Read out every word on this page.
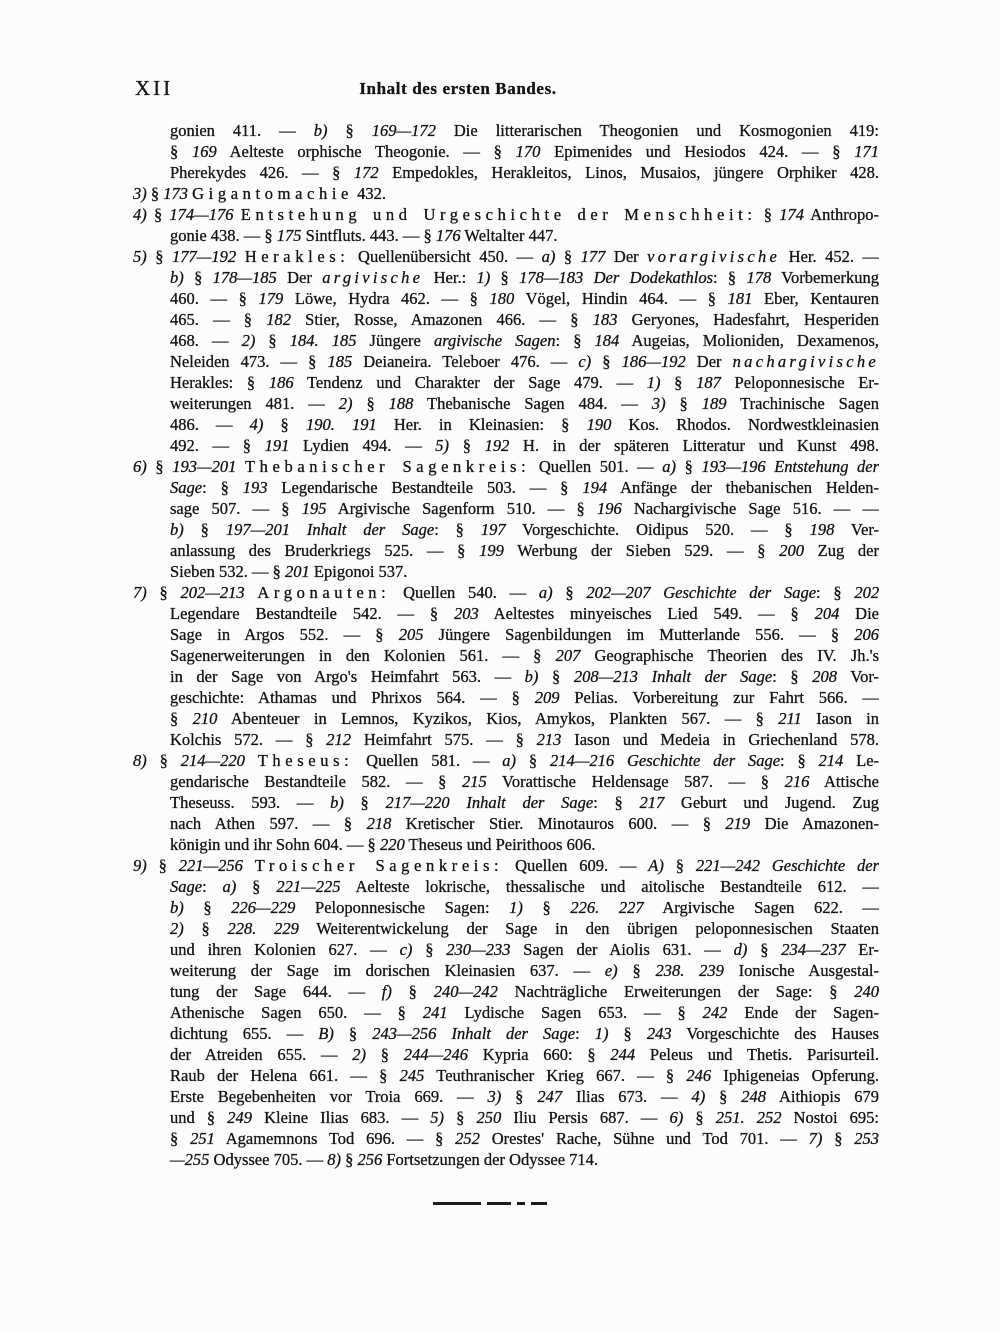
XII	Inhalt des ersten Bandes.
gonien 411. — b) § 169—172 Die litterarischen Theogonien und Kosmogonien 419:
§ 169 Aelteste orphische Theogonie. — § 170 Epimenides und Hesiodos 424. — § 171
Pherekydes 426. — § 172 Empedokles, Herakleitos, Linos, Musaios, jüngere Orphiker 428.
3) § 173 Gigantomachie 432.
4) § 174—176 Entstehung und Urgeschichte der Menschheit: § 174 Anthropo-
gonie 438. — § 175 Sintfluts. 443. — § 176 Weltalter 447.
5) § 177—192 Herakles: Quellenübersicht 450. — a) § 177 Der vorargivische Her. 452. —
b) § 178—185 Der argivische Her.: 1) § 178—183 Der Dodekathlos: § 178 Vorbemerkung
460. — § 179 Löwe, Hydra 462. — § 180 Vögel, Hindin 464. — § 181 Eber, Kentauren
465. — § 182 Stier, Rosse, Amazonen 466. — § 183 Geryones, Hadesfahrt, Hesperiden
468. — 2) § 184. 185 Jüngere argivische Sagen: § 184 Augeias, Molioniden, Dexamenos,
Neleiden 473. — § 185 Deianeira. Teleboer 476. — c) § 186—192 Der nachargivische
Herakles: § 186 Tendenz und Charakter der Sage 479. — 1) § 187 Peloponnesische Er-
weiterungen 481. — 2) § 188 Thebanische Sagen 484. — 3) § 189 Trachinische Sagen
486. — 4) § 190. 191 Her. in Kleinasien: § 190 Kos. Rhodos. Nordwestkleinasien
492. — § 191 Lydien 494. — 5) § 192 H. in der späteren Litteratur und Kunst 498.
6) § 193—201 Thebanischer Sagenkreis: Quellen 501. — a) § 193—196 Entstehung der
Sage: § 193 Legendarische Bestandteile 503. — § 194 Anfänge der thebanischen Helden-
sage 507. — § 195 Argivische Sagenform 510. — § 196 Nachargivische Sage 516. — —
b) § 197—201 Inhalt der Sage: § 197 Vorgeschichte. Oidipus 520. — § 198 Ver-
anlassung des Bruderkriegs 525. — § 199 Werbung der Sieben 529. — § 200 Zug der
Sieben 532. — § 201 Epigonoi 537.
7) § 202—213 Argonauten: Quellen 540. — a) § 202—207 Geschichte der Sage: § 202
Legendare Bestandteile 542. — § 203 Aeltestes minyeisches Lied 549. — § 204 Die
Sage in Argos 552. — § 205 Jüngere Sagenbildungen im Mutterlande 556. — § 206
Sagenerweiterungen in den Kolonien 561. — § 207 Geographische Theorien des IV. Jh.'s
in der Sage von Argo's Heimfahrt 563. — b) § 208—213 Inhalt der Sage: § 208 Vor-
geschichte: Athamas und Phrixos 564. — § 209 Pelias. Vorbereitung zur Fahrt 566. —
§ 210 Abenteuer in Lemnos, Kyzikos, Kios, Amykos, Plankten 567. — § 211 Iason in
Kolchis 572. — § 212 Heimfahrt 575. — § 213 Iason und Medeia in Griechenland 578.
8) § 214—220 Theseus: Quellen 581. — a) § 214—216 Geschichte der Sage: § 214 Le-
gendarische Bestandteile 582. — § 215 Vorattische Heldensage 587. — § 216 Attische
Theseuss. 593. — b) § 217—220 Inhalt der Sage: § 217 Geburt und Jugend. Zug
nach Athen 597. — § 218 Kretischer Stier. Minotauros 600. — § 219 Die Amazonen-
königin und ihr Sohn 604. — § 220 Theseus und Peirithoos 606.
9) § 221—256 Troischer Sagenkreis: Quellen 609. — A) § 221—242 Geschichte der
Sage: a) § 221—225 Aelteste lokrische, thessalische und aitolische Bestandteile 612. —
b) § 226—229 Peloponnesische Sagen: 1) § 226. 227 Argivische Sagen 622. —
2) § 228. 229 Weiterentwickelung der Sage in den übrigen peloponnesischen Staaten
und ihren Kolonien 627. — c) § 230—233 Sagen der Aiolis 631. — d) § 234—237 Er-
weiterung der Sage im dorischen Kleinasien 637. — e) § 238. 239 Ionische Ausgestal-
tung der Sage 644. — f) § 240—242 Nachträgliche Erweiterungen der Sage: § 240
Athenische Sagen 650. — § 241 Lydische Sagen 653. — § 242 Ende der Sagen-
dichtung 655. — B) § 243—256 Inhalt der Sage: 1) § 243 Vorgeschichte des Hauses
der Atreiden 655. — 2) § 244—246 Kypria 660: § 244 Peleus und Thetis. Parisurteil.
Raub der Helena 661. — § 245 Teuthranischer Krieg 667. — § 246 Iphigeneias Opferung.
Erste Begebenheiten vor Troia 669. — 3) § 247 Ilias 673. — 4) § 248 Aithiopis 679
und § 249 Kleine Ilias 683. — 5) § 250 Iliu Persis 687. — 6) § 251. 252 Nostoi 695:
§ 251 Agamemnons Tod 696. — § 252 Orestes' Rache, Sühne und Tod 701. — 7) § 253
—255 Odyssee 705. — 8) § 256 Fortsetzungen der Odyssee 714.
